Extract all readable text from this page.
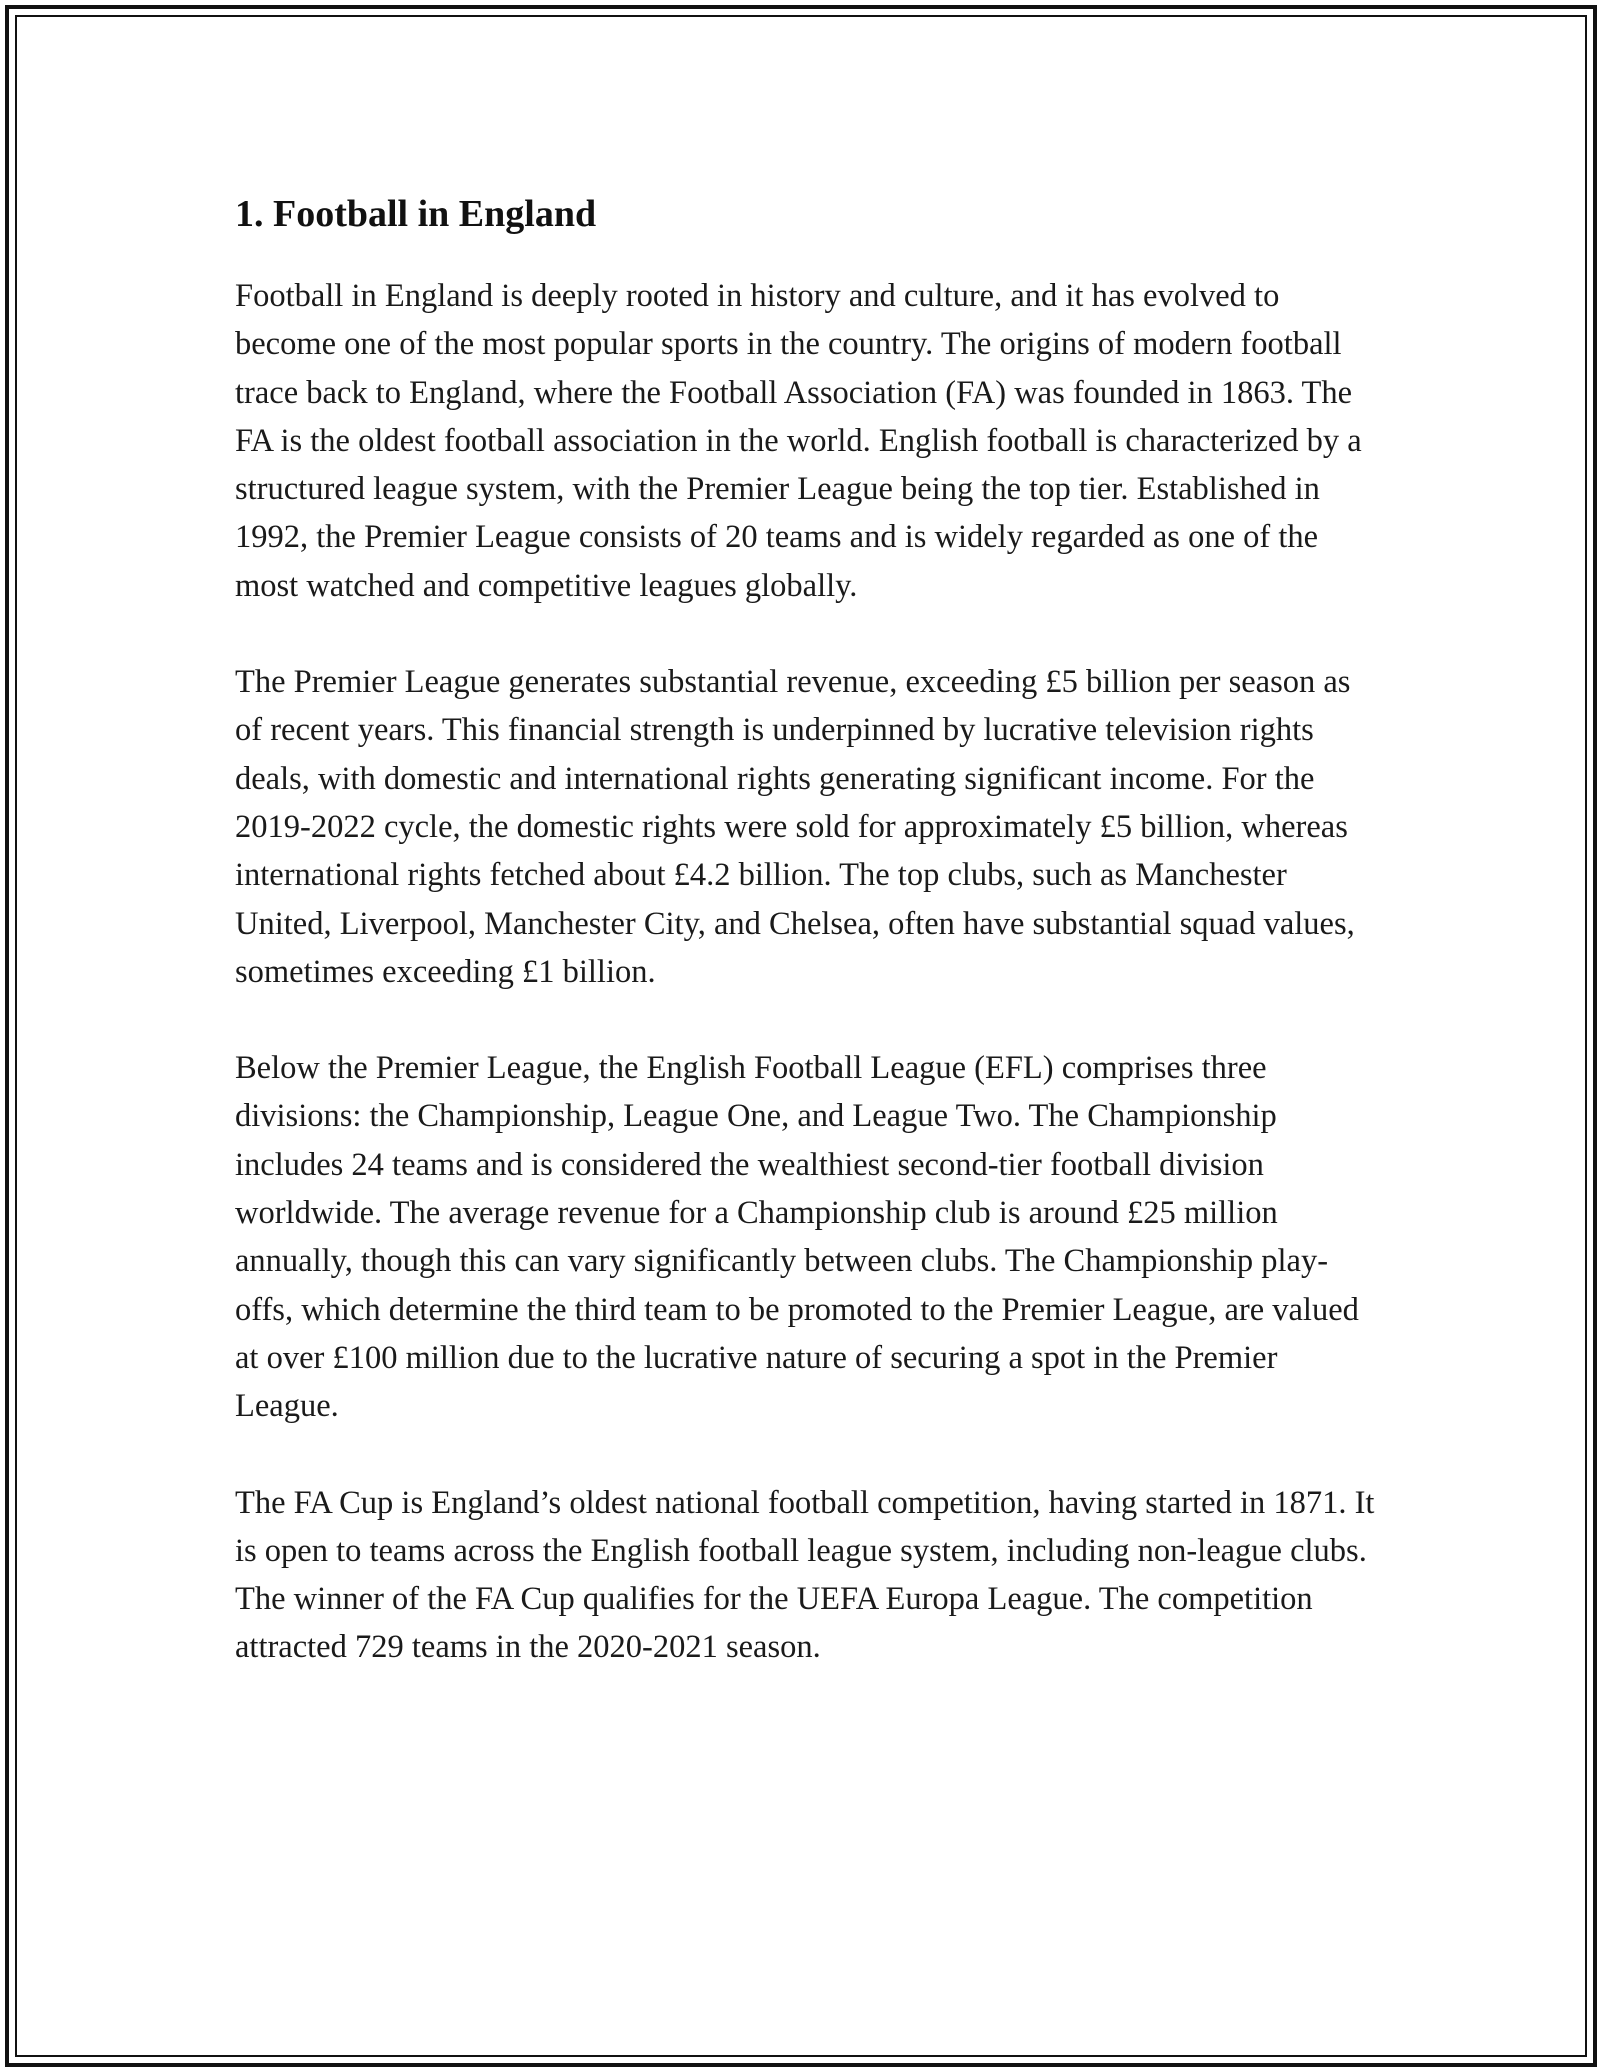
1. Football in England

Football in England is deeply rooted in history and culture, and it has evolved to become one of the most popular sports in the country. The origins of modern football trace back to England, where the Football Association (FA) was founded in 1863. The FA is the oldest football association in the world. English football is characterized by a structured league system, with the Premier League being the top tier. Established in 1992, the Premier League consists of 20 teams and is widely regarded as one of the most watched and competitive leagues globally.

The Premier League generates substantial revenue, exceeding £5 billion per season as of recent years. This financial strength is underpinned by lucrative television rights deals, with domestic and international rights generating significant income. For the 2019-2022 cycle, the domestic rights were sold for approximately £5 billion, whereas international rights fetched about £4.2 billion. The top clubs, such as Manchester United, Liverpool, Manchester City, and Chelsea, often have substantial squad values, sometimes exceeding £1 billion.

Below the Premier League, the English Football League (EFL) comprises three divisions: the Championship, League One, and League Two. The Championship includes 24 teams and is considered the wealthiest second-tier football division worldwide. The average revenue for a Championship club is around £25 million annually, though this can vary significantly between clubs. The Championship play-offs, which determine the third team to be promoted to the Premier League, are valued at over £100 million due to the lucrative nature of securing a spot in the Premier League.

The FA Cup is England’s oldest national football competition, having started in 1871. It is open to teams across the English football league system, including non-league clubs. The winner of the FA Cup qualifies for the UEFA Europa League. The competition attracted 729 teams in the 2020-2021 season.
